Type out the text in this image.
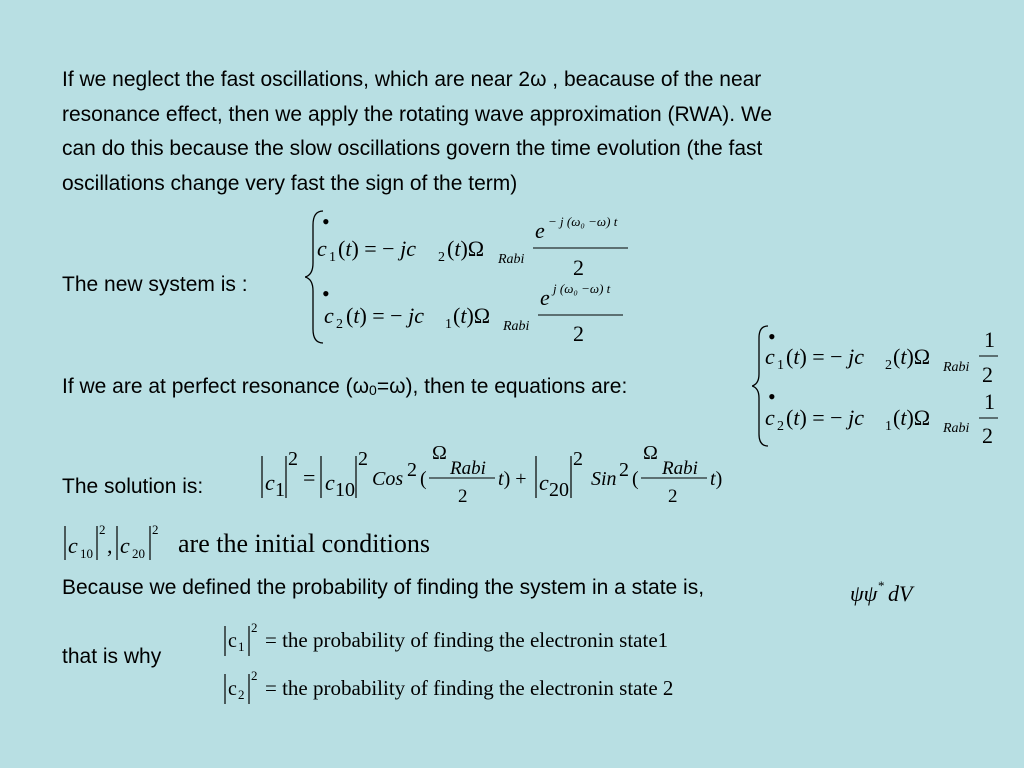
If we neglect the fast oscillations, which are near 2ω , beacause of the near
resonance effect, then we apply the rotating wave approximation (RWA). We
can do this because the slow oscillations govern the time evolution (the fast
oscillations change very fast the sign of the term)
The new system is :
If we are at perfect resonance $(\omega_0=\omega)$, then te equations are:
The solution is:
Because we defined the probability of finding the system in a state is,
that is why
•
c 1 (t) = − jc 2 (t)Ω Rabi
e − j (ω₀ −ω) t
2
•
c 2 (t) = − jc 1 (t)Ω Rabi
e j (ω₀ −ω) t
2	•
c 1 (t) = − jc 2 (t)Ω Rabi
1
2
•
c 2 (t) = − jc 1 (t)Ω Rabi
1
2
c 1
2
= c 10
2
Cos 2 (
Ω
Rabi
2
t) + c 20
2
Sin 2 (
Ω
Rabi
2
t)
c 10
2
, c 20
2 are the initial conditions
ψψ * dV
c 1
2
= the probability of finding the electronin state1
c 2
2
= the probability of finding the electronin state 2
